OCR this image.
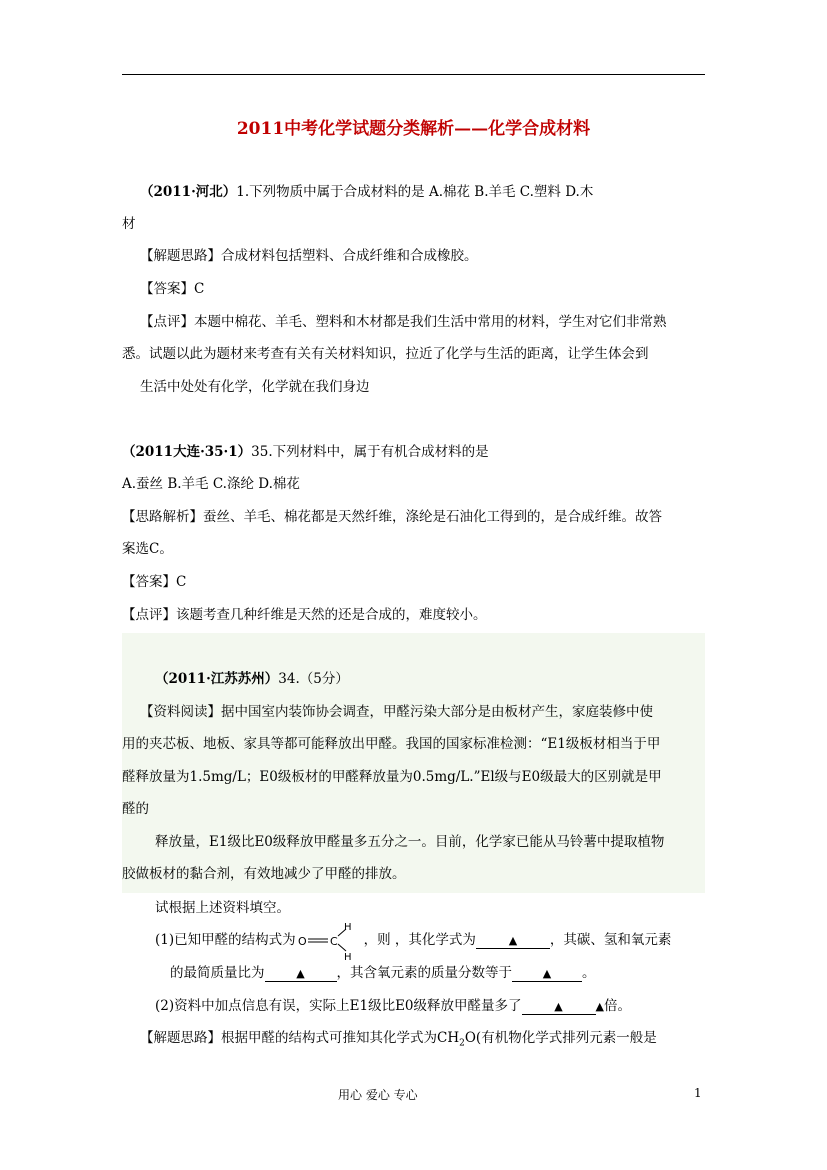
2011中考化学试题分类解析——化学合成材料
（2011·河北）1.下列物质中属于合成材料的是 A.棉花 B.羊毛 C.塑料 D.木
材
【解题思路】合成材料包括塑料、合成纤维和合成橡胶。
【答案】C
【点评】本题中棉花、羊毛、塑料和木材都是我们生活中常用的材料，学生对它们非常熟
悉。试题以此为题材来考查有关有关材料知识，拉近了化学与生活的距离，让学生体会到
生活中处处有化学，化学就在我们身边
（2011大连·35·1）35.下列材料中，属于有机合成材料的是
A.蚕丝 B.羊毛 C.涤纶 D.棉花
【思路解析】蚕丝、羊毛、棉花都是天然纤维，涤纶是石油化工得到的，是合成纤维。故答
案选C。
【答案】C
【点评】该题考查几种纤维是天然的还是合成的，难度较小。
（2011·江苏苏州）34.（5分）
【资料阅读】据中国室内装饰协会调查，甲醛污染大部分是由板材产生，家庭装修中使
用的夹芯板、地板、家具等都可能释放出甲醛。我国的国家标准检测：“E1级板材相当于甲
醛释放量为1.5mg/L；E0级板材的甲醛释放量为0.5mg/L.”El级与E0级最大的区别就是甲
醛的
释放量，E1级比E0级释放甲醛量多五分之一。目前，化学家已能从马铃薯中提取植物
胶做板材的黏合剂，有效地减少了甲醛的排放。
试根据上述资料填空。
(1)已知甲醛的结构式为 O C
H
H
，则 ，其化学式为	▲ ，其碳、氢和氧元素
的最简质量比为	▲ ，其含氧元素的质量分数等于	▲ 。
(2)资料中加点信息有误，实际上E1级比E0级释放甲醛量多了	▲	▲倍。
【解题思路】根据甲醛的结构式可推知其化学式为$CH_2O$(有机物化学式排列元素一般是
用心 爱心 专心	1
